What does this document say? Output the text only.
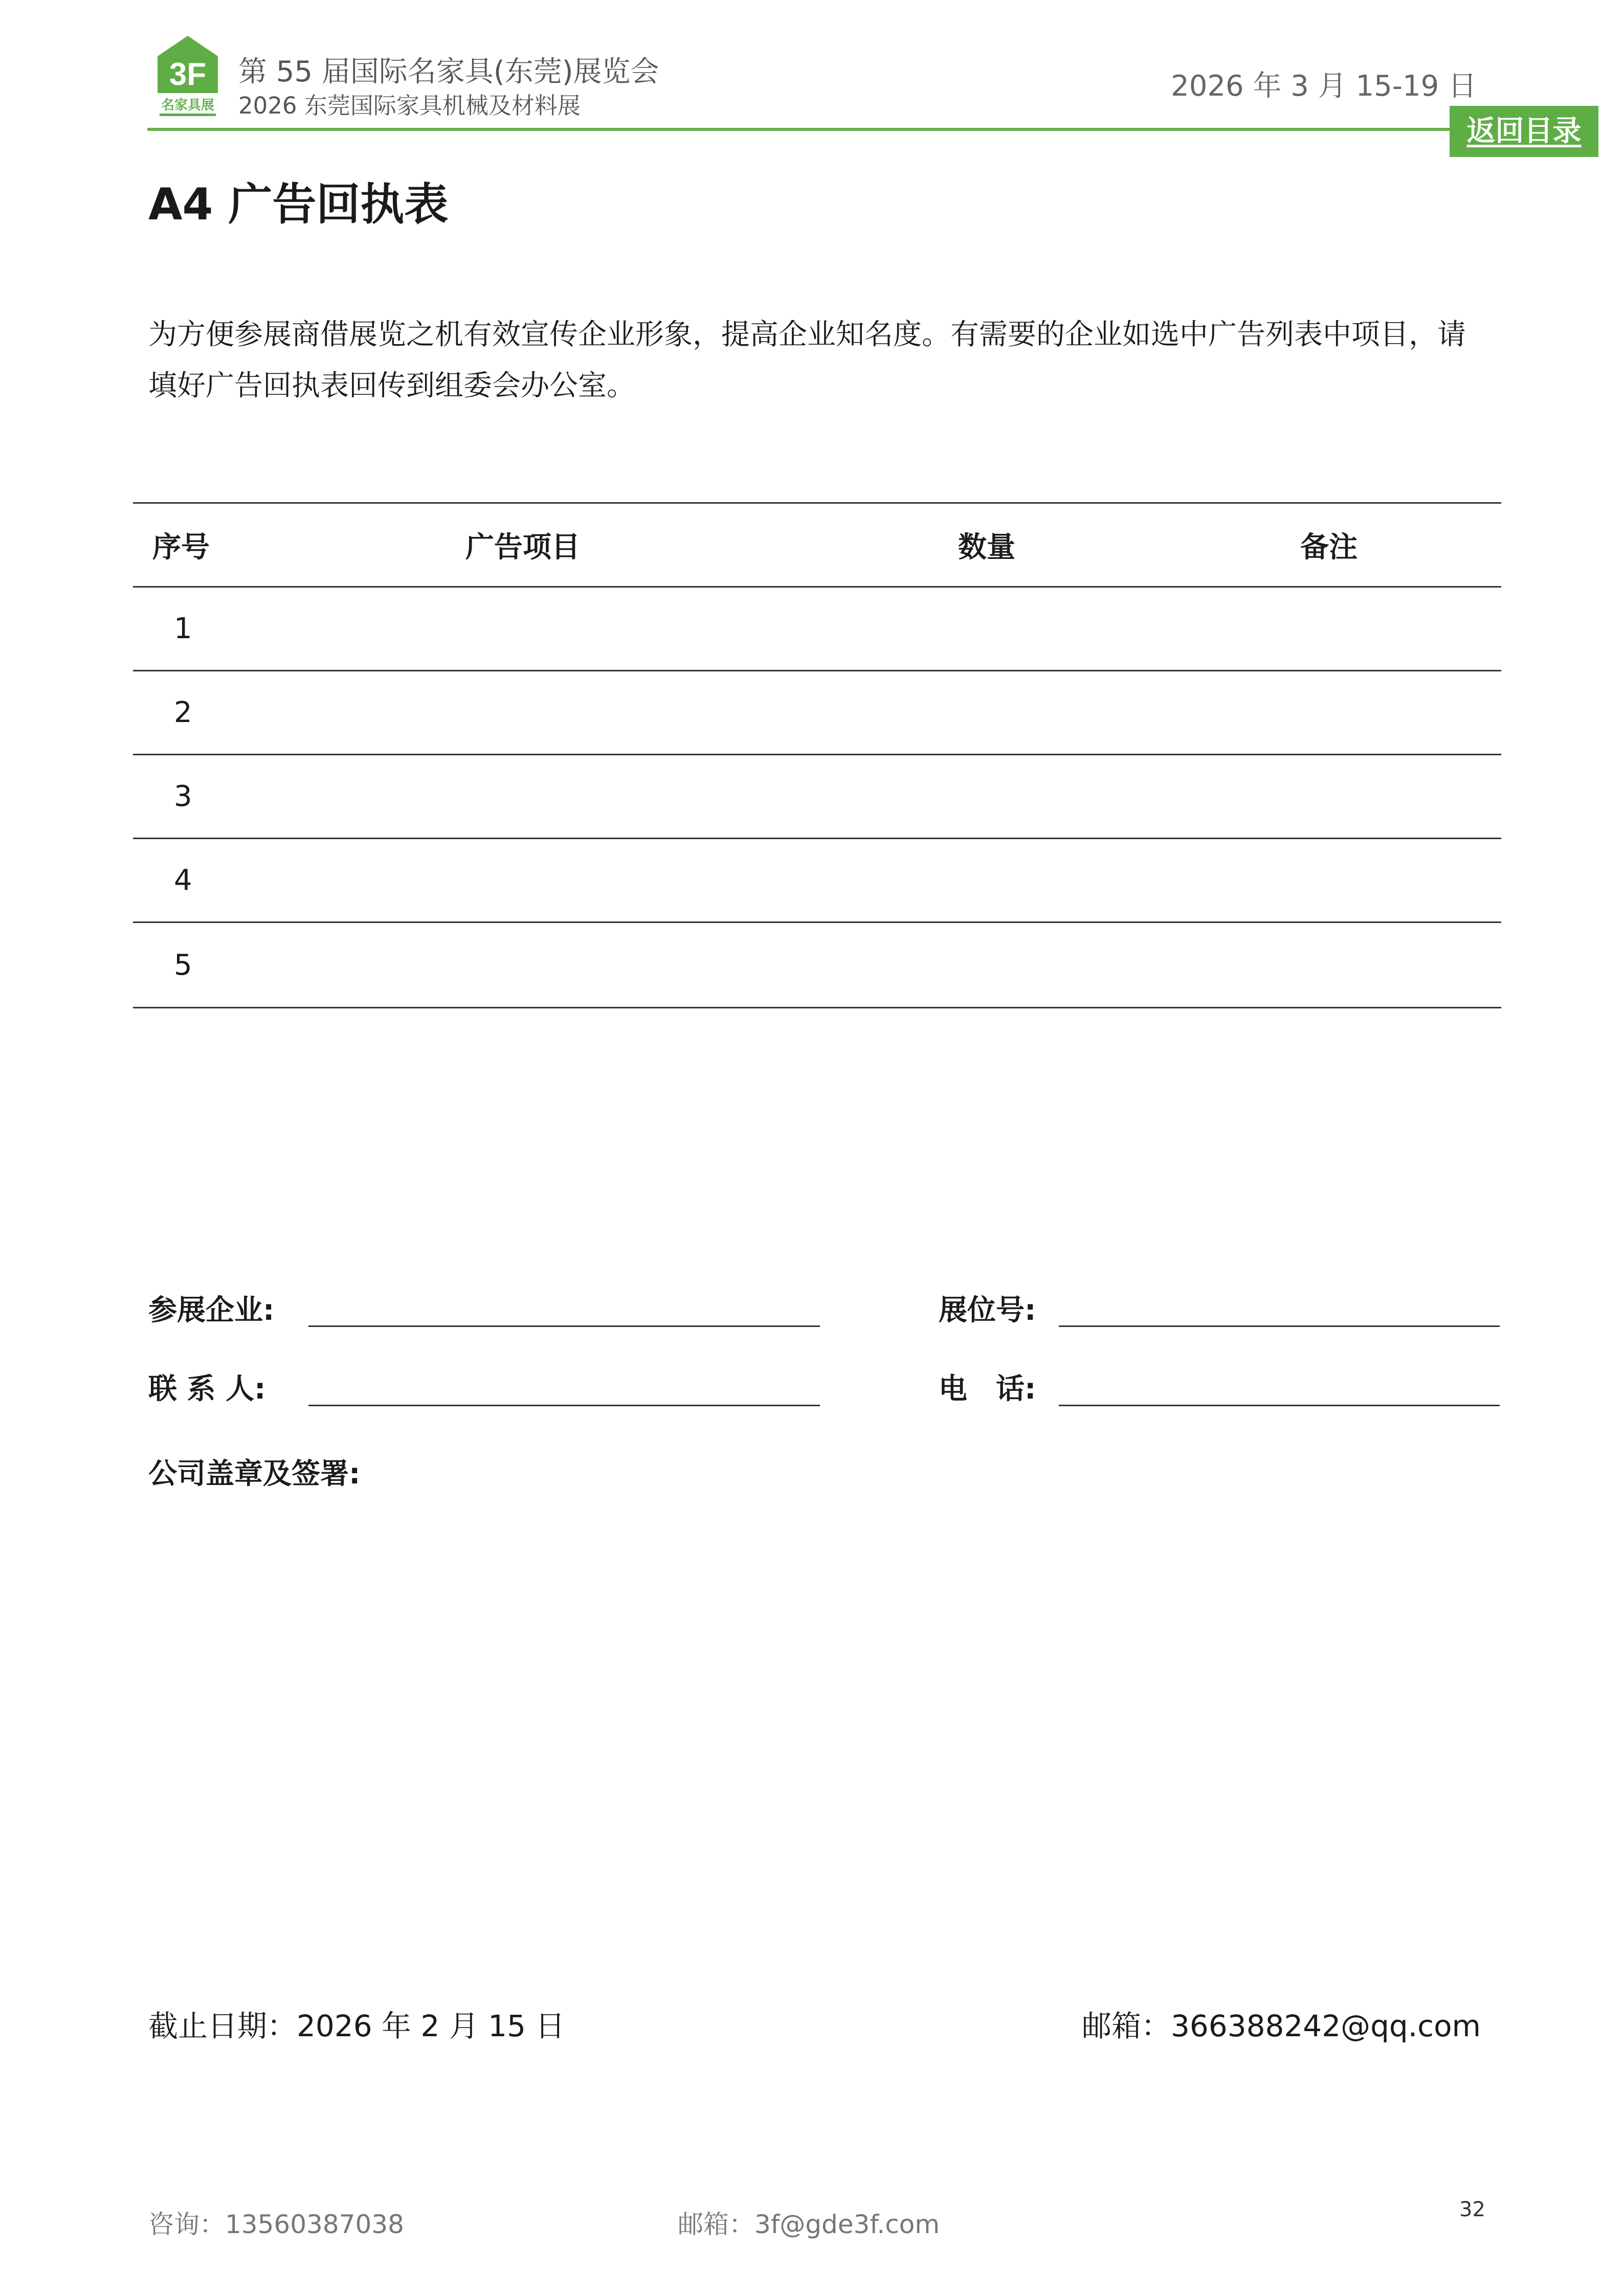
3F
名家具展
第 55 届国际名家具(东莞)展览会
2026 东莞国际家具机械及材料展
2026 年 3 月 15-19 日
返回目录
A4 广告回执表

为方便参展商借展览之机有效宣传企业形象，提高企业知名度。有需要的企业如选中广告列表中项目，请

填好广告回执表回传到组委会办公室。

序号	广告项目	数量	备注
1
2
3
4
5
参展企业:	展位号:
联 系 人:	电　话:
公司盖章及签署:
截止日期：2026 年 2 月 15 日	邮箱：366388242@qq.com
咨询：13560387038	邮箱：3f@gde3f.com	32
